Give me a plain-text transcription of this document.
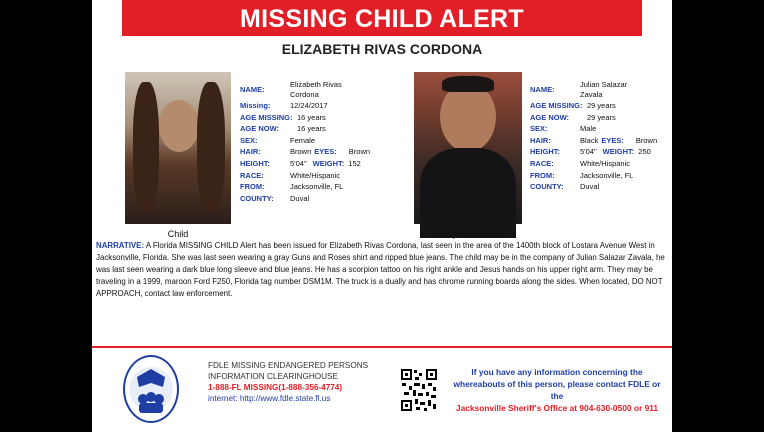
MISSING CHILD ALERT
ELIZABETH RIVAS CORDONA
Child
NAME:
Elizabeth Rivas
Cordona
Missing:	12/24/2017
AGE MISSING: 16 years
AGE NOW:	16 years
SEX:	Female
HAIR:	Brown EYES: Brown
HEIGHT:	5'04" WEIGHT: 152
RACE:	White/Hispanic
FROM:	Jacksonville, FL
COUNTY:	Duval
Companion Adult
NAME:
Julian Salazar
Zavala
AGE MISSING: 29 years
AGE NOW:	29 years
SEX:	Male
HAIR:	Black EYES: Brown
HEIGHT:	5'04" WEIGHT: 250
RACE:	White/Hispanic
FROM:	Jacksonville, FL
COUNTY:	Duval
NARRATIVE: A Florida MISSING CHILD Alert has been issued for Elizabeth Rivas Cordona, last seen in the area of the 1400th block of Lostara Avenue West in Jacksonville, Florida. She was last seen wearing a gray Guns and Roses shirt and ripped blue jeans. The child may be in the company of Julian Salazar Zavala, he was last seen wearing a dark blue long sleeve and blue jeans. He has a scorpion tattoo on his right ankle and Jesus hands on his upper right arm. They may be traveling in a 1999, maroon Ford F250, Florida tag number DSM1M. The truck is a dually and has chrome running boards along the sides. When located, DO NOT APPROACH, contact law enforcement.
FDLE MISSING ENDANGERED PERSONS
INFORMATION CLEARINGHOUSE
1-888-FL MISSING(1-888-356-4774)
internet: http://www.fdle.state.fl.us
If you have any information concerning the
whereabouts of this person, please contact FDLE or
the
Jacksonville Sheriff's Office at 904-630-0500 or 911
